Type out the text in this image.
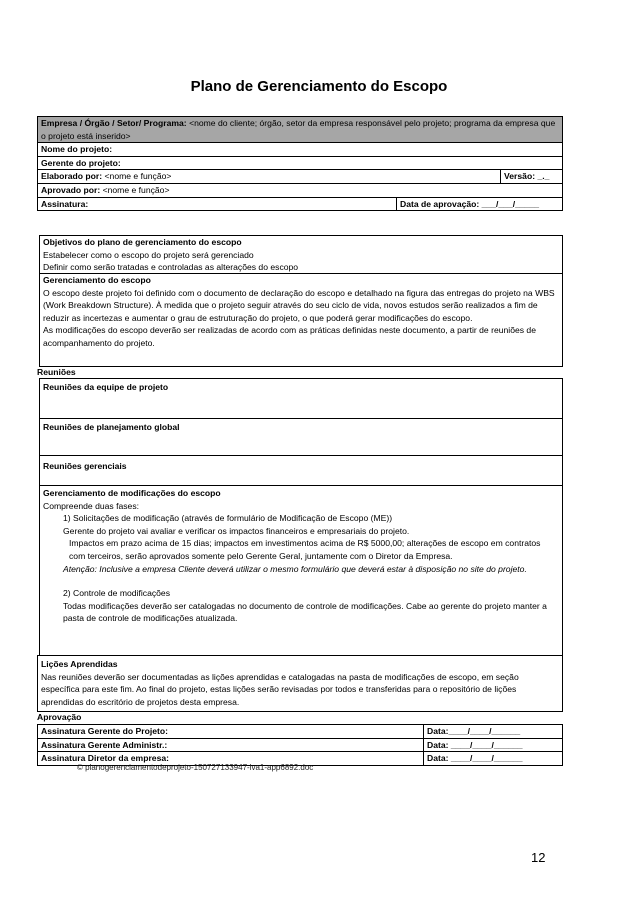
Plano de Gerenciamento do Escopo
Empresa / Órgão / Setor/ Programa: <nome do cliente; órgão, setor da empresa responsável pelo projeto; programa da empresa que o projeto está inserido>
Nome do projeto:
Gerente do projeto:
Elaborado por: <nome e função>	Versão: _._
Aprovado por: <nome e função>
Assinatura:	Data de aprovação: ___/___/_____
Objetivos do plano de gerenciamento do escopo
Estabelecer como o escopo do projeto será gerenciado
Definir como serão tratadas e controladas as alterações do escopo
Gerenciamento do escopo
O escopo deste projeto foi definido com o documento de declaração do escopo e detalhado na figura das entregas do projeto na WBS (Work Breakdown Structure). À medida que o projeto seguir através do seu ciclo de vida, novos estudos serão realizados a fim de reduzir as incertezas e aumentar o grau de estruturação do projeto, o que poderá gerar modificações do escopo.
As modificações do escopo deverão ser realizadas de acordo com as práticas definidas neste documento, a partir de reuniões de acompanhamento do projeto.
Reuniões
Reuniões da equipe de projeto
Reuniões de planejamento global
Reuniões gerenciais
Gerenciamento de modificações do escopo
Compreende duas fases:
1) Solicitações de modificação (através de formulário de Modificação de Escopo (ME))
Gerente do projeto vai avaliar e verificar os impactos financeiros e empresariais do projeto.
Impactos em prazo acima de 15 dias; impactos em investimentos acima de R$ 5000,00; alterações de escopo em contratos com terceiros, serão aprovados somente pelo Gerente Geral, juntamente com o Diretor da Empresa.
Atenção: Inclusive a empresa Cliente deverá utilizar o mesmo formulário que deverá estar à disposição no site do projeto.
2) Controle de modificações
Todas modificações deverão ser catalogadas no documento de controle de modificações. Cabe ao gerente do projeto manter a pasta de controle de modificações atualizada.
Lições Aprendidas
Nas reuniões deverão ser documentadas as lições aprendidas e catalogadas na pasta de modificações de escopo, em seção específica para este fim. Ao final do projeto, estas lições serão revisadas por todos e transferidas para o repositório de lições aprendidas do escritório de projetos desta empresa.
Aprovação
Assinatura Gerente do Projeto:	Data:____/____/______
Assinatura Gerente Administr.:	Data: ____/____/______
Assinatura Diretor da empresa:	Data: ____/____/______
© planogerenciamentodeprojeto-150727133947-lva1-app6892.doc
12
